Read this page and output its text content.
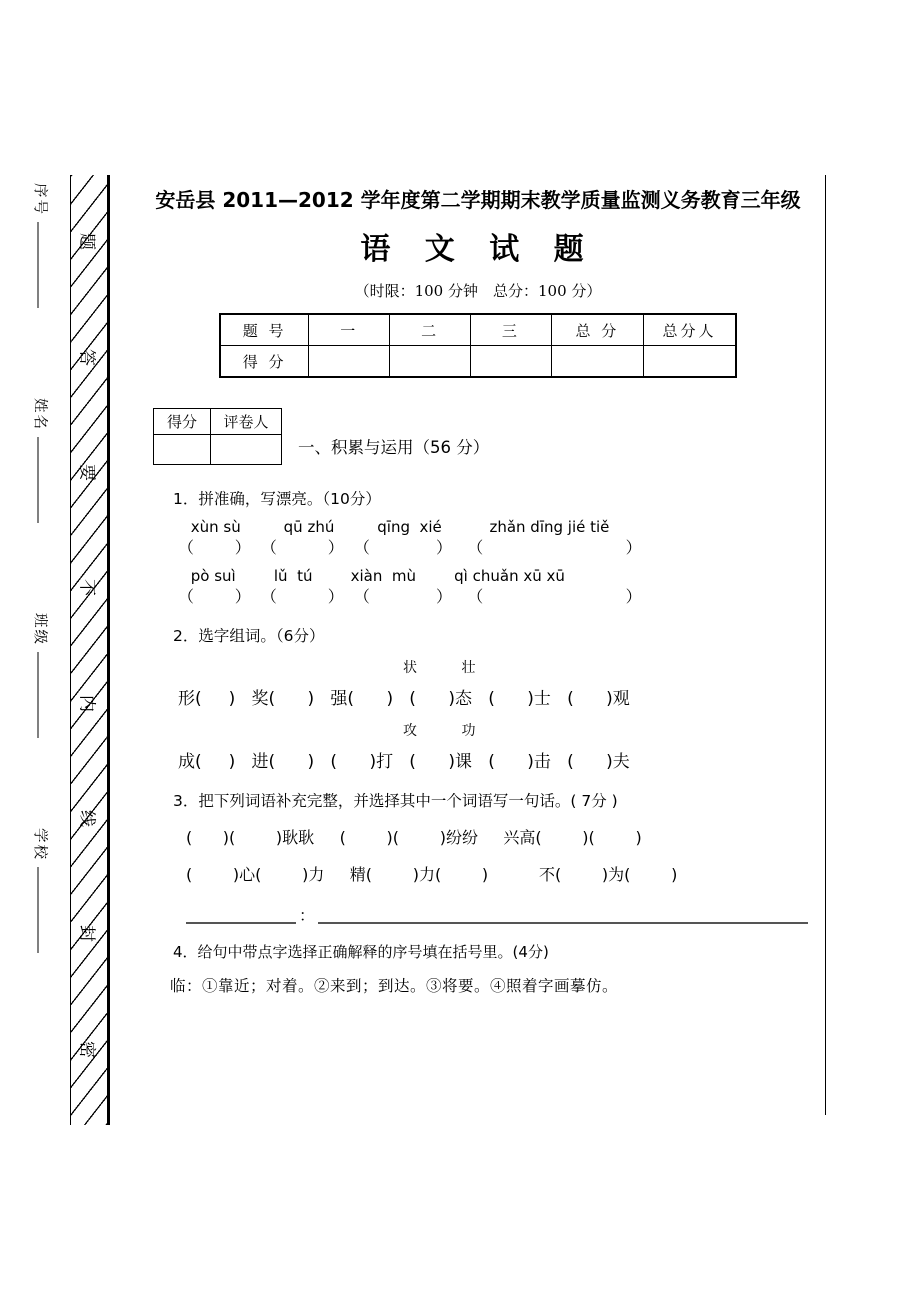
序号
姓名
班级
学校
题
答
要
不
内
线
封
密
安岳县 2011—2012 学年度第二学期期末教学质量监测义务教育三年级
语 文 试 题
（时限：100 分钟　总分：100 分）
题 号	一	二	三	总 分	总分人
得 分					
得分	评卷人

一、积累与运用（56 分）
1．拼准确，写漂亮。（10分）
xùn sù         qū zhú         qīng  xié          zhǎn dīng jié tiě
（        ）  （          ）  （             ）   （                            ）
pò suì        lǔ  tú        xiàn  mù        qì chuǎn xū xū
（        ）  （          ）  （             ）   （                            ）
2．选字组词。（6分）
状          壮
形(     )   奖(      )   强(      )   (      )态   (      )士   (      )观
攻          功
成(     )   进(      )   (      )打   (      )课   (      )击   (      )夫
3．把下列词语补充完整，并选择其中一个词语写一句话。( 7分 )
(      )(        )耿耿     (        )(        )纷纷     兴高(        )(        )
(        )心(        )力     精(        )力(        )          不(        )为(        )
：
4．给句中带点字选择正确解释的序号填在括号里。(4分)
临：①靠近；对着。②来到；到达。③将要。④照着字画摹仿。
